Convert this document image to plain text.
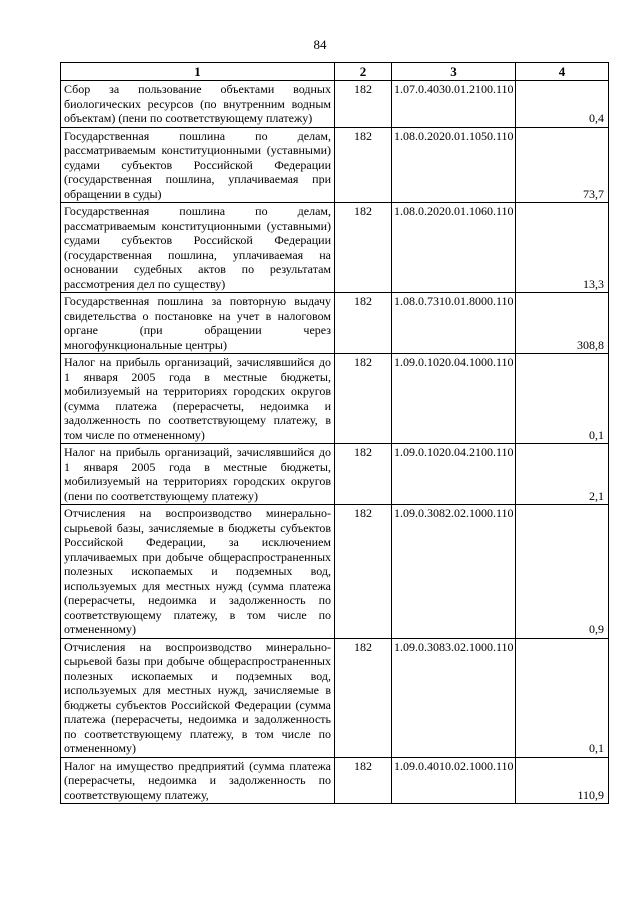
84
1	2	3	4
Сбор за пользование объектами водных биологических ресурсов (по внутренним водным объектам) (пени по соответствующему платежу)	182	1.07.0.4030.01.2100.110	0,4
Государственная пошлина по делам, рассматриваемым конституционными (уставными) судами субъектов Российской Федерации (государственная пошлина, уплачиваемая при обращении в суды)	182	1.08.0.2020.01.1050.110	73,7
Государственная пошлина по делам, рассматриваемым конституционными (уставными) судами субъектов Российской Федерации (государственная пошлина, уплачиваемая на основании судебных актов по результатам рассмотрения дел по существу)	182	1.08.0.2020.01.1060.110	13,3
Государственная пошлина за повторную выдачу свидетельства о постановке на учет в налоговом органе (при обращении через многофункциональные центры)	182	1.08.0.7310.01.8000.110	308,8
Налог на прибыль организаций, зачислявшийся до 1 января 2005 года в местные бюджеты, мобилизуемый на территориях городских округов (сумма платежа (перерасчеты, недоимка и задолженность по соответствующему платежу, в том числе по отмененному)	182	1.09.0.1020.04.1000.110	0,1
Налог на прибыль организаций, зачислявшийся до 1 января 2005 года в местные бюджеты, мобилизуемый на территориях городских округов (пени по соответствующему платежу)	182	1.09.0.1020.04.2100.110	2,1
Отчисления на воспроизводство минерально-сырьевой базы, зачисляемые в бюджеты субъектов Российской Федерации, за исключением уплачиваемых при добыче общераспространенных полезных ископаемых и подземных вод, используемых для местных нужд (сумма платежа (перерасчеты, недоимка и задолженность по соответствующему платежу, в том числе по отмененному)	182	1.09.0.3082.02.1000.110	0,9
Отчисления на воспроизводство минерально-сырьевой базы при добыче общераспространенных полезных ископаемых и подземных вод, используемых для местных нужд, зачисляемые в бюджеты субъектов Российской Федерации (сумма платежа (перерасчеты, недоимка и задолженность по соответствующему платежу, в том числе по отмененному)	182	1.09.0.3083.02.1000.110	0,1
Налог на имущество предприятий (сумма платежа (перерасчеты, недоимка и задолженность по соответствующему платежу,	182	1.09.0.4010.02.1000.110	110,9
